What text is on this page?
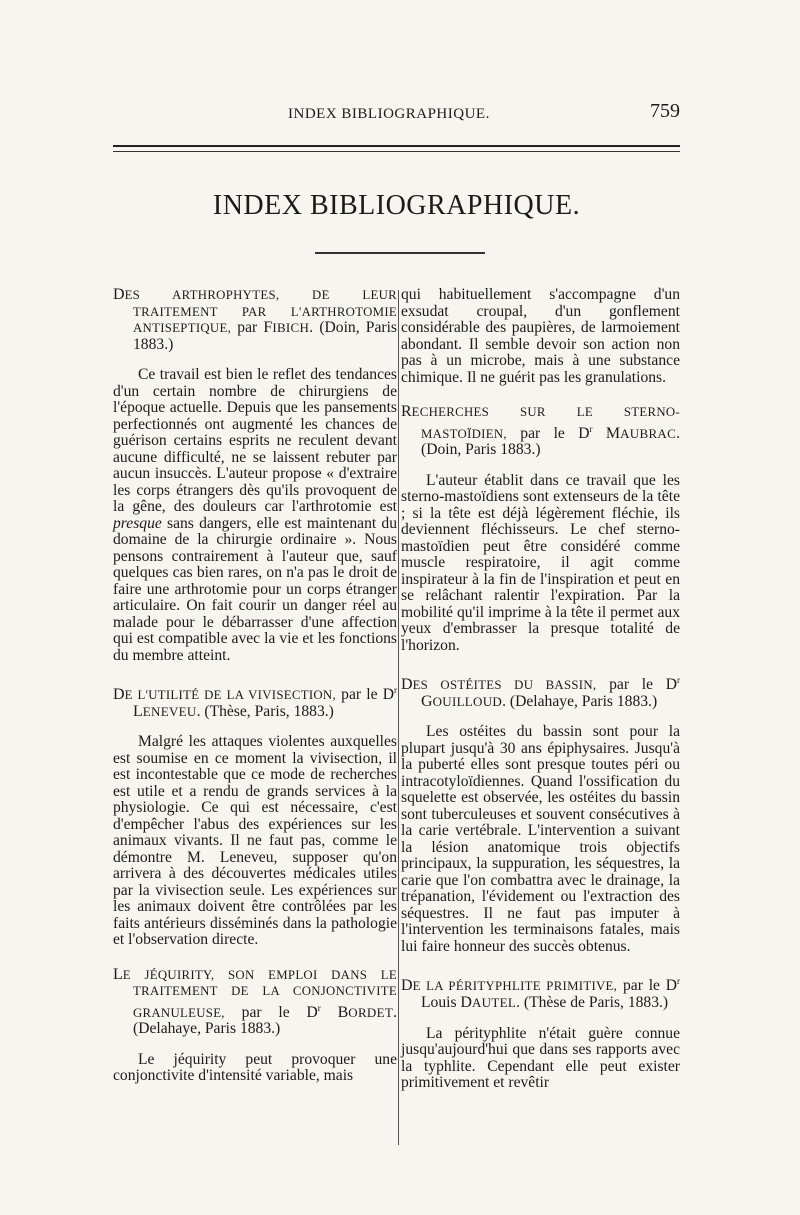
INDEX BIBLIOGRAPHIQUE.	759
INDEX BIBLIOGRAPHIQUE.

DES ARTHROPHYTES, DE LEUR TRAITEMENT PAR L'ARTHROTOMIE ANTISEPTIQUE, par FIBICH. (Doin, Paris 1883.)

Ce travail est bien le reflet des tendances d'un certain nombre de chirurgiens de l'époque actuelle. Depuis que les pansements perfectionnés ont augmenté les chances de guérison certains esprits ne reculent devant aucune difficulté, ne se laissent rebuter par aucun insuccès. L'auteur propose « d'extraire les corps étrangers dès qu'ils provoquent de la gêne, des douleurs car l'arthrotomie est presque sans dangers, elle est maintenant du domaine de la chirurgie ordinaire ». Nous pensons contrairement à l'auteur que, sauf quelques cas bien rares, on n'a pas le droit de faire une arthrotomie pour un corps étranger articulaire. On fait courir un danger réel au malade pour le débarrasser d'une affection qui est compatible avec la vie et les fonctions du membre atteint.

DE L'UTILITÉ DE LA VIVISECTION, par le $D^r$ LENEVEU. (Thèse, Paris, 1883.)

Malgré les attaques violentes auxquelles est soumise en ce moment la vivisection, il est incontestable que ce mode de recherches est utile et a rendu de grands services à la physiologie. Ce qui est nécessaire, c'est d'empêcher l'abus des expériences sur les animaux vivants. Il ne faut pas, comme le démontre M. Leneveu, supposer qu'on arrivera à des découvertes médicales utiles par la vivisection seule. Les expériences sur les animaux doivent être contrôlées par les faits antérieurs disséminés dans la pathologie et l'observation directe.

LE JÉQUIRITY, SON EMPLOI DANS LE TRAITEMENT DE LA CONJONCTIVITE GRANULEUSE, par le $D^r$ BORDET. (Delahaye, Paris 1883.)

Le jéquirity peut provoquer une conjonctivite d'intensité variable, mais

qui habituellement s'accompagne d'un exsudat croupal, d'un gonflement considérable des paupières, de larmoiement abondant. Il semble devoir son action non pas à un microbe, mais à une substance chimique. Il ne guérit pas les granulations.

RECHERCHES SUR LE STERNO-MASTOÏDIEN, par le $D^r$ MAUBRAC. (Doin, Paris 1883.)

L'auteur établit dans ce travail que les sterno-mastoïdiens sont extenseurs de la tête ; si la tête est déjà légèrement fléchie, ils deviennent fléchisseurs. Le chef sterno-mastoïdien peut être considéré comme muscle respiratoire, il agit comme inspirateur à la fin de l'inspiration et peut en se relâchant ralentir l'expiration. Par la mobilité qu'il imprime à la tête il permet aux yeux d'embrasser la presque totalité de l'horizon.

DES OSTÉITES DU BASSIN, par le $D^r$ GOUILLOUD. (Delahaye, Paris 1883.)

Les ostéites du bassin sont pour la plupart jusqu'à 30 ans épiphysaires. Jusqu'à la puberté elles sont presque toutes péri ou intracotyloïdiennes. Quand l'ossification du squelette est observée, les ostéites du bassin sont tuberculeuses et souvent consécutives à la carie vertébrale. L'intervention a suivant la lésion anatomique trois objectifs principaux, la suppuration, les séquestres, la carie que l'on combattra avec le drainage, la trépanation, l'évidement ou l'extraction des séquestres. Il ne faut pas imputer à l'intervention les terminaisons fatales, mais lui faire honneur des succès obtenus.

DE LA PÉRITYPHLITE PRIMITIVE, par le $D^r$ Louis DAUTEL. (Thèse de Paris, 1883.)

La pérityphlite n'était guère connue jusqu'aujourd'hui que dans ses rapports avec la typhlite. Cependant elle peut exister primitivement et revêtir
